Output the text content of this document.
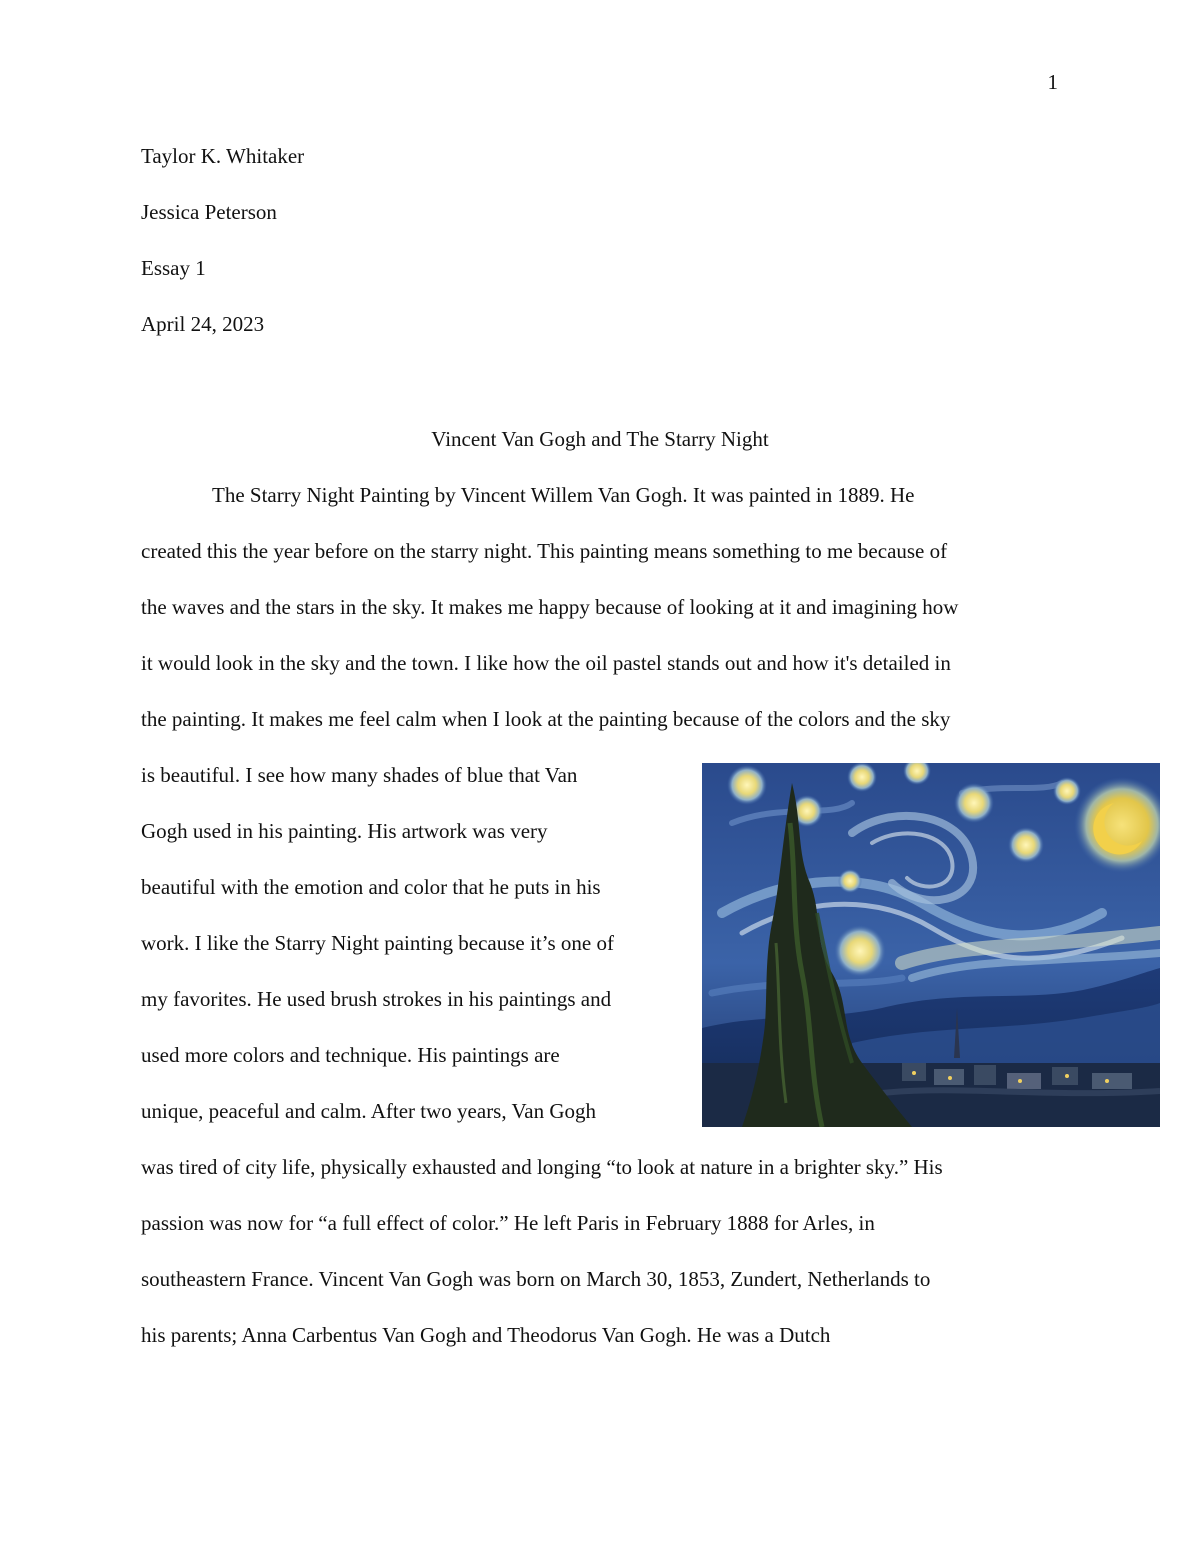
1
Taylor K. Whitaker
Jessica Peterson
Essay 1
April 24, 2023
Vincent Van Gogh and The Starry Night
The Starry Night Painting by Vincent Willem Van Gogh. It was painted in 1889. He
created this the year before on the starry night. This painting means something to me because of
the waves and the stars in the sky. It makes me happy because of looking at it and imagining how
it would look in the sky and the town. I like how the oil pastel stands out and how it's detailed in
the painting. It makes me feel calm when I look at the painting because of the colors and the sky
is beautiful. I see how many shades of blue that Van
Gogh used in his painting. His artwork was very
beautiful with the emotion and color that he puts in his
work. I like the Starry Night painting because it’s one of
my favorites. He used brush strokes in his paintings and
used more colors and technique. His paintings are
unique, peaceful and calm. After two years, Van Gogh
was tired of city life, physically exhausted and longing “to look at nature in a brighter sky.” His
passion was now for “a full effect of color.” He left Paris in February 1888 for Arles, in
southeastern France. Vincent Van Gogh was born on March 30, 1853, Zundert, Netherlands to
his parents; Anna Carbentus Van Gogh and Theodorus Van Gogh. He was a Dutch
